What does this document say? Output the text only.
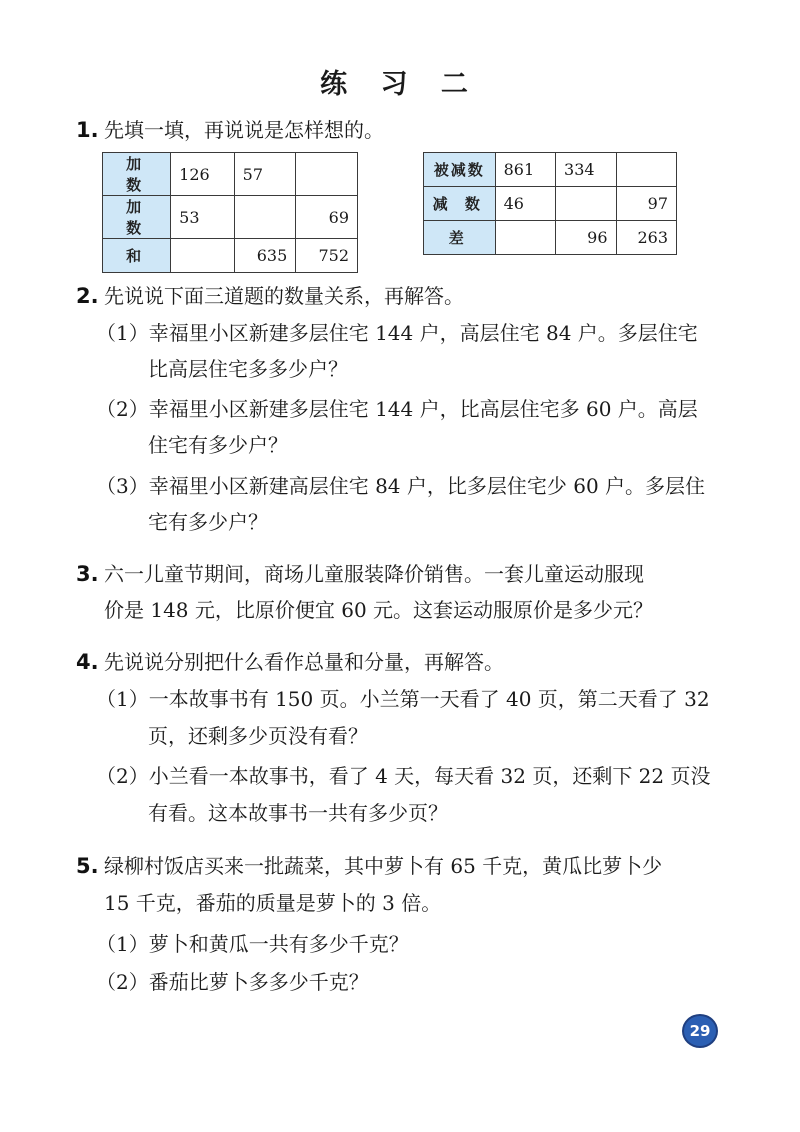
练 习 二
1. 先填一填，再说说是怎样想的。
加 数	126	57	
加 数	53		69
和		635	752
被减数	861	334	
减 数	46		97
差		96	263
2. 先说说下面三道题的数量关系，再解答。
（1）幸福里小区新建多层住宅 144 户，高层住宅 84 户。多层住宅
比高层住宅多多少户？
（2）幸福里小区新建多层住宅 144 户，比高层住宅多 60 户。高层
住宅有多少户？
（3）幸福里小区新建高层住宅 84 户，比多层住宅少 60 户。多层住
宅有多少户？
3. 六一儿童节期间，商场儿童服装降价销售。一套儿童运动服现
价是 148 元，比原价便宜 60 元。这套运动服原价是多少元？
4. 先说说分别把什么看作总量和分量，再解答。
（1）一本故事书有 150 页。小兰第一天看了 40 页，第二天看了 32
页，还剩多少页没有看？
（2）小兰看一本故事书，看了 4 天，每天看 32 页，还剩下 22 页没
有看。这本故事书一共有多少页？
5. 绿柳村饭店买来一批蔬菜，其中萝卜有 65 千克，黄瓜比萝卜少
15 千克，番茄的质量是萝卜的 3 倍。
（1）萝卜和黄瓜一共有多少千克？
（2）番茄比萝卜多多少千克？
29
